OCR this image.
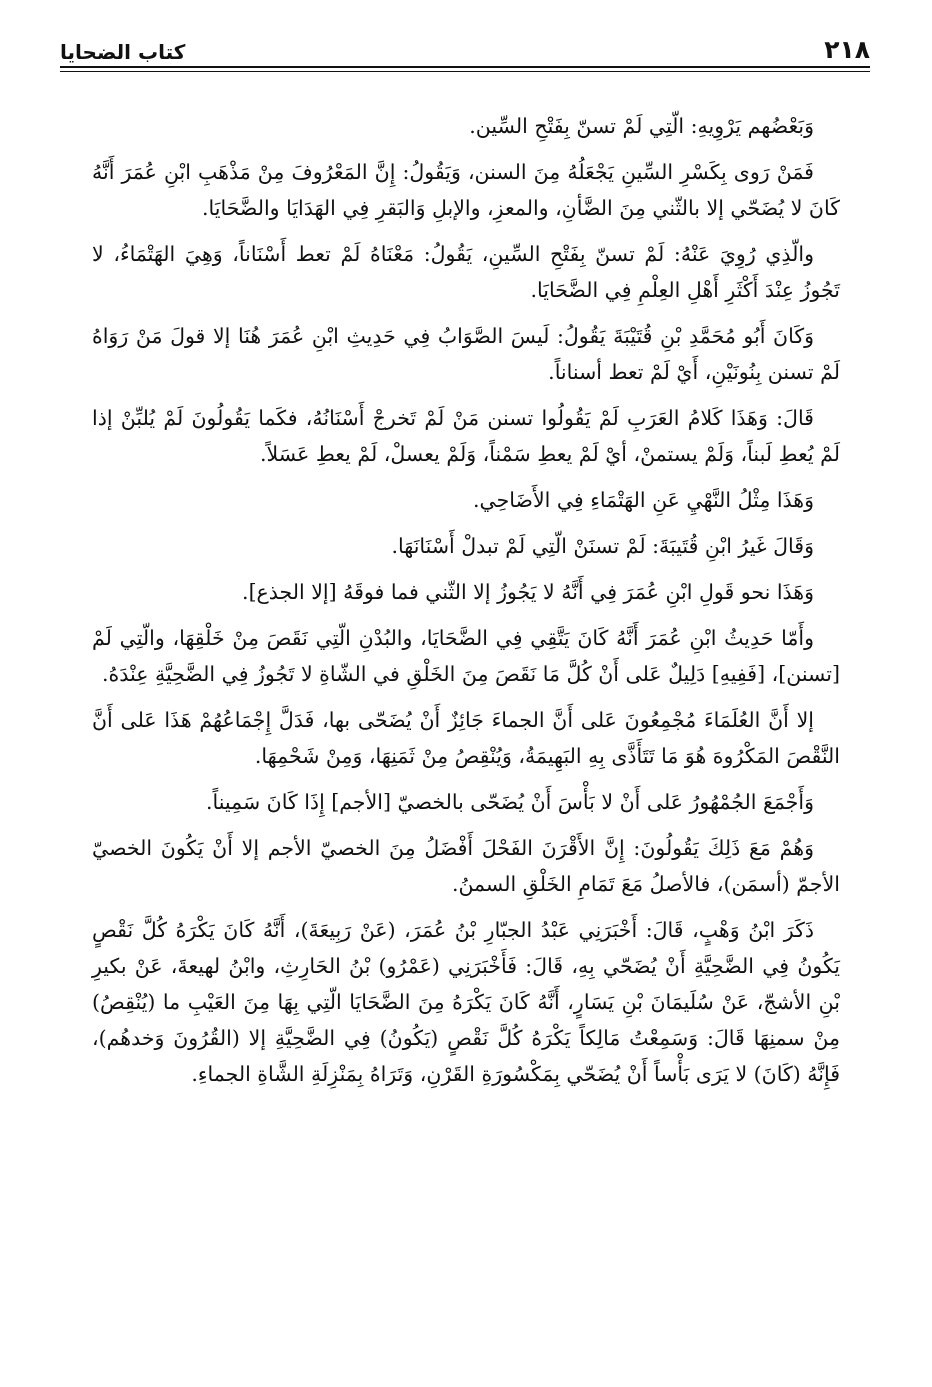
٢١٨
كتاب الضحايا

وَبَعْضُهم يَرْوِيهِ: الّتِي لَمْ تسنّ بِفَتْحِ السِّين.

فَمَنْ رَوى بِكَسْرِ السِّينِ يَجْعَلُهُ مِنَ السنن، وَيَقُولُ: إِنَّ المَعْرُوفَ مِنْ مَذْهَبِ ابْنِ عُمَرَ أَنَّهُ كَانَ لا يُضَحّي إلا بالثّني مِنَ الضَّأنِ، والمعزِ، والإبلِ وَالبَقرِ فِي الهَدَايَا والضَّحَايَا.

والّذِي رُوِيَ عَنْهُ: لَمْ تسنّ بِفَتْحِ السِّينِ، يَقُولُ: مَعْنَاهُ لَمْ تعط أَسْنَاناً، وَهِيَ الهَتْمَاءُ، لا تَجُوزُ عِنْدَ أَكْثَرِ أَهْلِ العِلْمِ فِي الضَّحَايَا.

وَكَانَ أَبُو مُحَمَّدِ بْنِ قُتَيْبَةَ يَقُولُ: لَيسَ الصَّوَابُ فِي حَدِيثِ ابْنِ عُمَرَ هُنَا إلا قولَ مَنْ رَوَاهُ لَمْ تسنن بِنُونَيْنِ، أَيْ لَمْ تعط أسناناً.

قَالَ: وَهَذَا كَلامُ العَرَبِ لَمْ يَقُولُوا تسنن مَنْ لَمْ تَخرجْ أَسْنَانُهُ، فكَما يَقُولُونَ لَمْ يُلبِّنْ إذا لَمْ يُعطِ لَبناً، وَلَمْ يستمنْ، أيْ لَمْ يعطِ سَمْناً، وَلَمْ يعسلْ، لَمْ يعطِ عَسَلاً.

وَهَذَا مِثْلُ النَّهْيِ عَنِ الهَتْمَاءِ فِي الأَضَاحِي.

وَقَالَ غَيرُ ابْنِ قُتَيبَةَ: لَمْ تسنَنْ الّتِي لَمْ تبدلْ أَسْنَانَهَا.

وَهَذَا نحو قَولِ ابْنِ عُمَرَ فِي أَنَّهُ لا يَجُوزُ إلا الثّني فما فوقَهُ [إلا الجذع].

وأَمّا حَدِيثُ ابْنِ عُمَرَ أَنَّهُ كَانَ يَتَّقِي فِي الضَّحَايَا، والبُدْنِ الّتِي نَقَصَ مِنْ خَلْقِهَا، والّتِي لَمْ [تسنن]، [فَفِيهِ] دَلِيلٌ عَلى أَنْ كُلَّ مَا نَقَصَ مِنَ الخَلْقِ في الشّاةِ لا تَجُوزُ فِي الضَّحِيَّةِ عِنْدَهُ.

إلا أَنَّ العُلَمَاءَ مُجْمِعُونَ عَلى أَنَّ الجماءَ جَائِزٌ أَنْ يُضَحّى بها، فَدَلَّ إِجْمَاعُهُمْ هَذَا عَلى أَنَّ النَّقْصَ المَكْرُوهَ هُوَ مَا تَتَأَذَّى بِهِ البَهِيمَةُ، وَيُنْقِصُ مِنْ ثَمَنِهَا، وَمِنْ شَحْمِهَا.

وَأَجْمَعَ الجُمْهُورُ عَلى أَنْ لا بَأْسَ أَنْ يُضَحّى بالخصيّ [الأجم] إِذَا كَانَ سَمِيناً.

وَهُمْ مَعَ ذَلِكَ يَقُولُونَ: إِنَّ الأَقْرَنَ الفَحْلَ أَفْضَلُ مِنَ الخصيّ الأجم إلا أَنْ يَكُونَ الخصيّ الأجمّ (أسمَن)، فالأصلُ مَعَ تَمَامِ الخَلْقِ السمنُ.

ذَكَرَ ابْنُ وَهْبٍ، قَالَ: أَخْبَرَنِي عَبْدُ الجبّارِ بْنُ عُمَرَ، (عَنْ رَبِيعَةَ)، أَنَّهُ كَانَ يَكْرَهُ كُلَّ نَقْصٍ يَكُونُ فِي الضَّحِيَّةِ أَنْ يُضَحّي بِهِ، قَالَ: فَأَخْبَرَنِي (عَمْرُو) بْنُ الحَارِثِ، وابْنُ لهيعةَ، عَنْ بكيرِ بْنِ الأشجّ، عَنْ سُلَيمَانَ بْنِ يَسَارٍ، أَنَّهُ كَانَ يَكْرَهُ مِنَ الضَّحَايَا الّتِي بِهَا مِنَ العَيْبِ ما (يُنْقِصُ) مِنْ سمنِهَا قَالَ: وَسَمِعْتُ مَالِكاً يَكْرَهُ كُلَّ نَقْصٍ (يَكُونُ) فِي الضَّحِيَّةِ إلا (القُرُونَ وَخدهُم)، فَإِنَّهُ (كَانَ) لا يَرَى بَأْساً أَنْ يُضَحّي بِمَكْسُورَةِ القَرْنِ، وَتَرَاهُ بِمَنْزِلَةِ الشَّاةِ الجماءِ.
